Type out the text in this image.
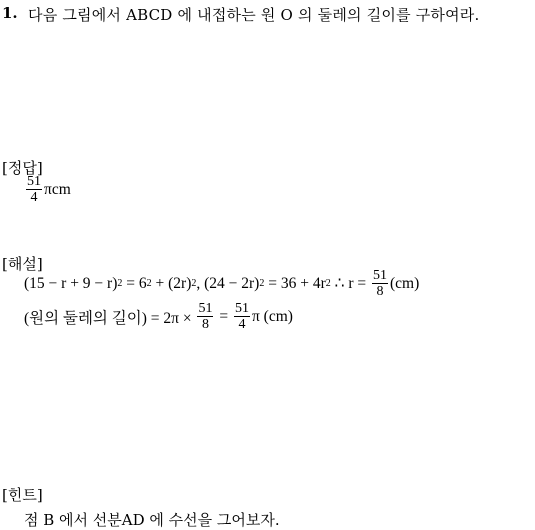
1. 다음 그림에서 ABCD 에 내접하는 원 O 의 둘레의 길이를 구하여라.
[정답]
$\frac{51}{4}$ πcm
[해설]
(15 − r + 9 − r) 2 = 6 2 + (2r) 2 , (24 − 2r) 2 = 36 + 4r 2 ∴ $r = \frac{51}{8} (cm)$
(원의 둘레의 길이) = $2\pi \times \frac{51}{8} = \frac{51}{4}$ π (cm)
[힌트]
점 B 에서 선분AD 에 수선을 그어보자.
